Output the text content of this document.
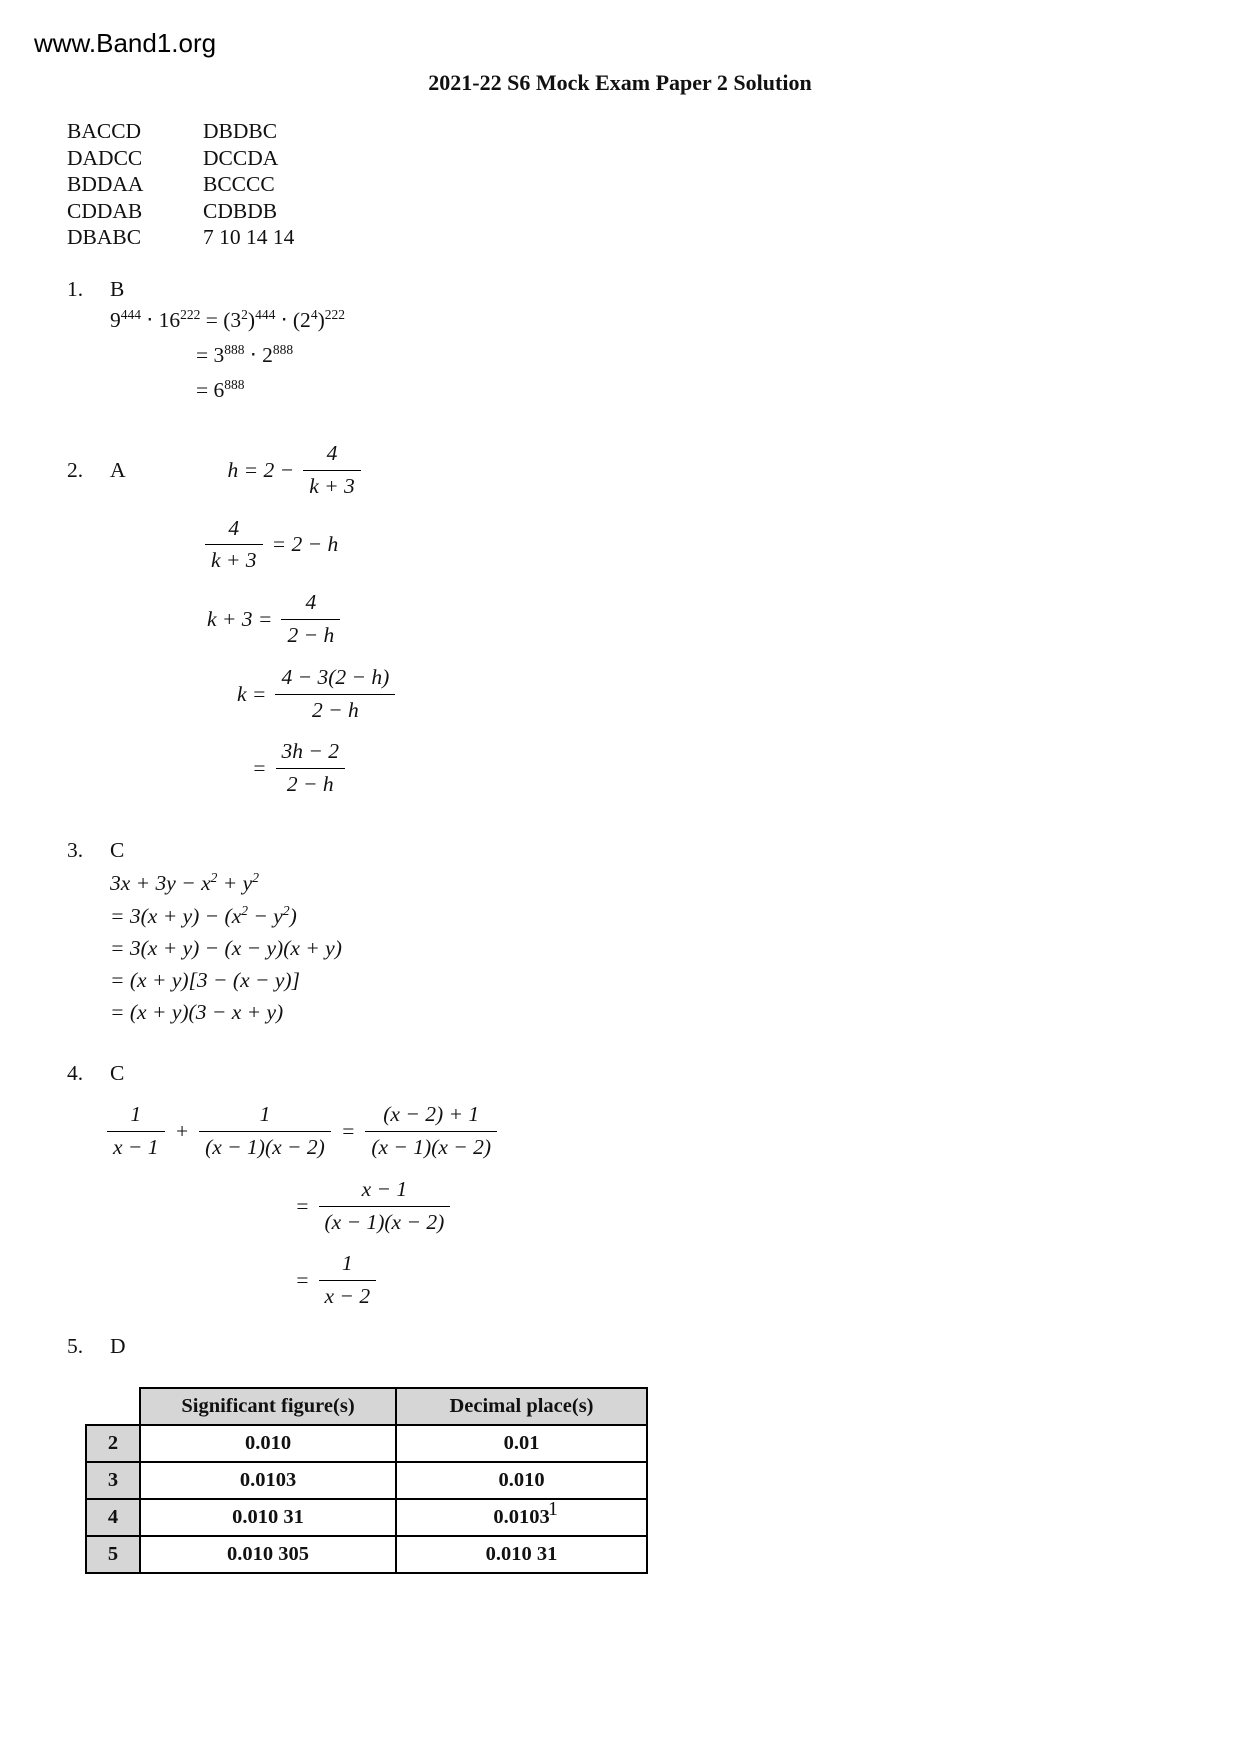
www.Band1.org
2021-22 S6 Mock Exam Paper 2 Solution
BACCD	DBDBC
DADCC	DCCDA
BDDAA	BCCCC
CDDAB	CDBDB
DBABC	7 10 14 14
1. B
$9^{444} \cdot 16^{222} = (3^2)^{444} \cdot (2^4)^{222}$
= $3^{888} \cdot 2^{888}$
= $6^{888}$
2.	A	$h = 2 - \frac{4}{k + 3}$
$\frac{4}{k + 3} = 2 - h$
$k + 3 = \frac{4}{2 - h}$
$k = \frac{4 - 3(2 - h)}{2 - h}$
= $\frac{3h - 2}{2 - h}$
3. C
$3x + 3y - x^2 + y^2$
= $3(x + y) - (x^2 - y^2)$
= 3(x + y) − (x − y)(x + y)
= (x + y)[3 − (x − y)]
= (x + y)(3 − x + y)
4. C
$\frac{1}{x - 1} + \frac{1}{(x - 1)(x - 2)} = \frac{(x - 2) + 1}{(x - 1)(x - 2)}$
= $\frac{x - 1}{(x - 1)(x - 2)}$
= $\frac{1}{x - 2}$
5. D
	Significant figure(s)	Decimal place(s)
2	0.010	0.01
3	0.0103	0.010
4	0.010 31	0.0103
5	0.010 305	0.010 31
1
